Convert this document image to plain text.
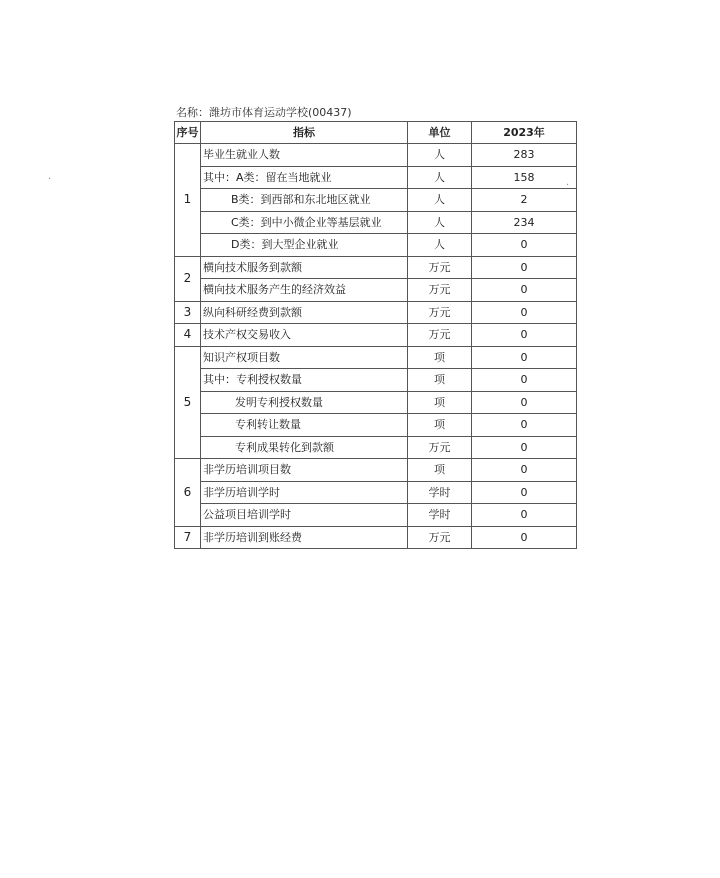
名称：潍坊市体育运动学校(00437)
序号	指标	单位	2023年
1	毕业生就业人数	人	283
	其中：A类：留在当地就业	人	158
	B类：到西部和东北地区就业	人	2
	C类：到中小微企业等基层就业	人	234
	D类：到大型企业就业	人	0
2	横向技术服务到款额	万元	0
	横向技术服务产生的经济效益	万元	0
3	纵向科研经费到款额	万元	0
4	技术产权交易收入	万元	0
5	知识产权项目数	项	0
	其中：专利授权数量	项	0
	发明专利授权数量	项	0
	专利转让数量	项	0
	专利成果转化到款额	万元	0
6	非学历培训项目数	项	0
	非学历培训学时	学时	0
	公益项目培训学时	学时	0
7	非学历培训到账经费	万元	0
·
·
